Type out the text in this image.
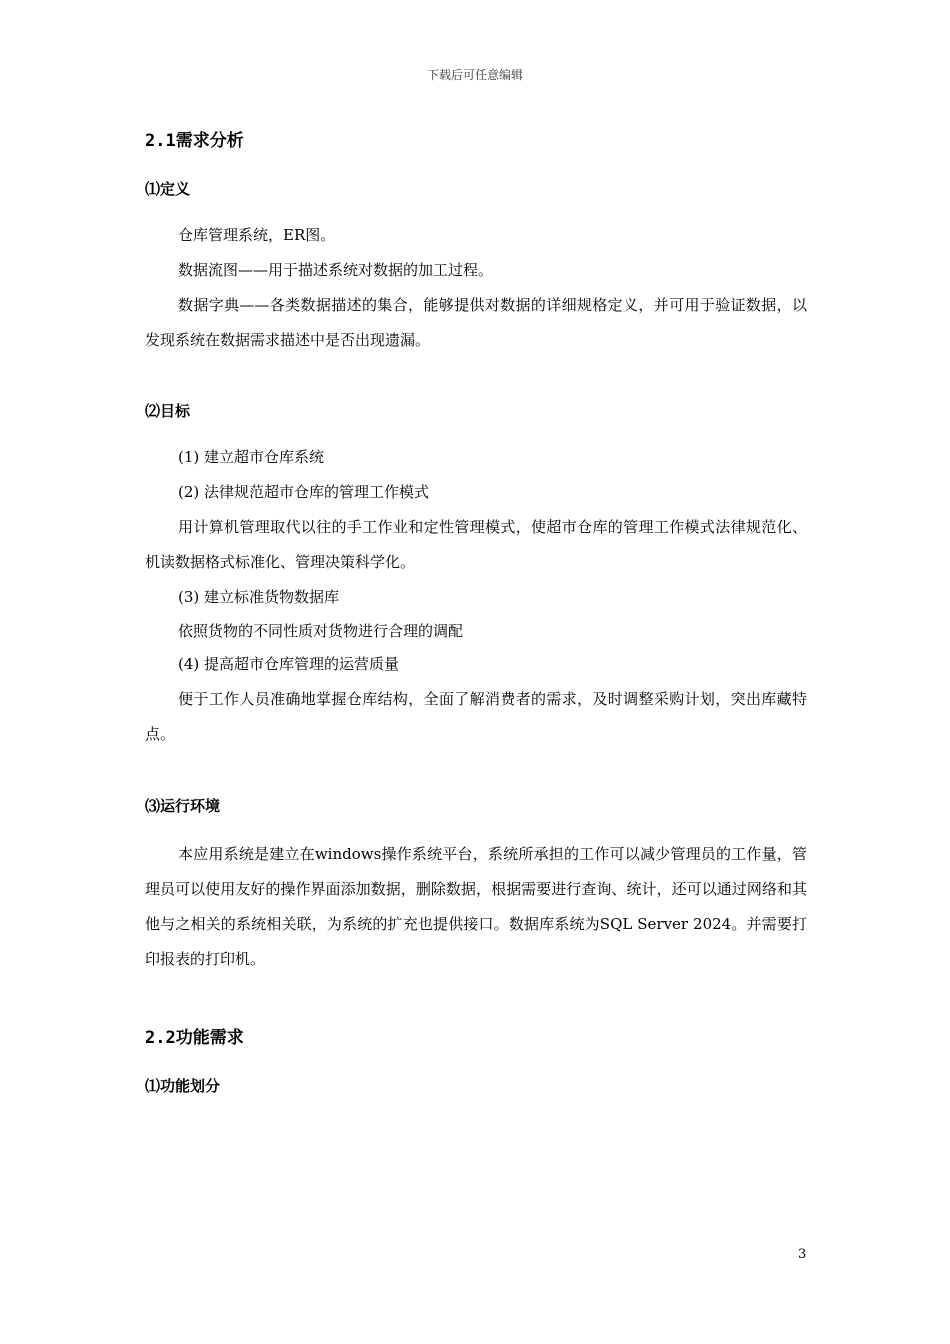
下载后可任意编辑
2.1需求分析
⑴定义
仓库管理系统，ER图。
数据流图——用于描述系统对数据的加工过程。
数据字典——各类数据描述的集合，能够提供对数据的详细规格定义，并可用于验证数据，以发现系统在数据需求描述中是否出现遗漏。
⑵目标
(1) 建立超市仓库系统
(2) 法律规范超市仓库的管理工作模式
用计算机管理取代以往的手工作业和定性管理模式，使超市仓库的管理工作模式法律规范化、机读数据格式标准化、管理决策科学化。
(3) 建立标准货物数据库
依照货物的不同性质对货物进行合理的调配
(4) 提高超市仓库管理的运营质量
便于工作人员准确地掌握仓库结构，全面了解消费者的需求，及时调整采购计划，突出库藏特点。
⑶运行环境
本应用系统是建立在windows操作系统平台，系统所承担的工作可以减少管理员的工作量，管理员可以使用友好的操作界面添加数据，删除数据，根据需要进行查询、统计，还可以通过网络和其他与之相关的系统相关联，为系统的扩充也提供接口。数据库系统为SQL Server 2024。并需要打印报表的打印机。
2.2功能需求
⑴功能划分
3
